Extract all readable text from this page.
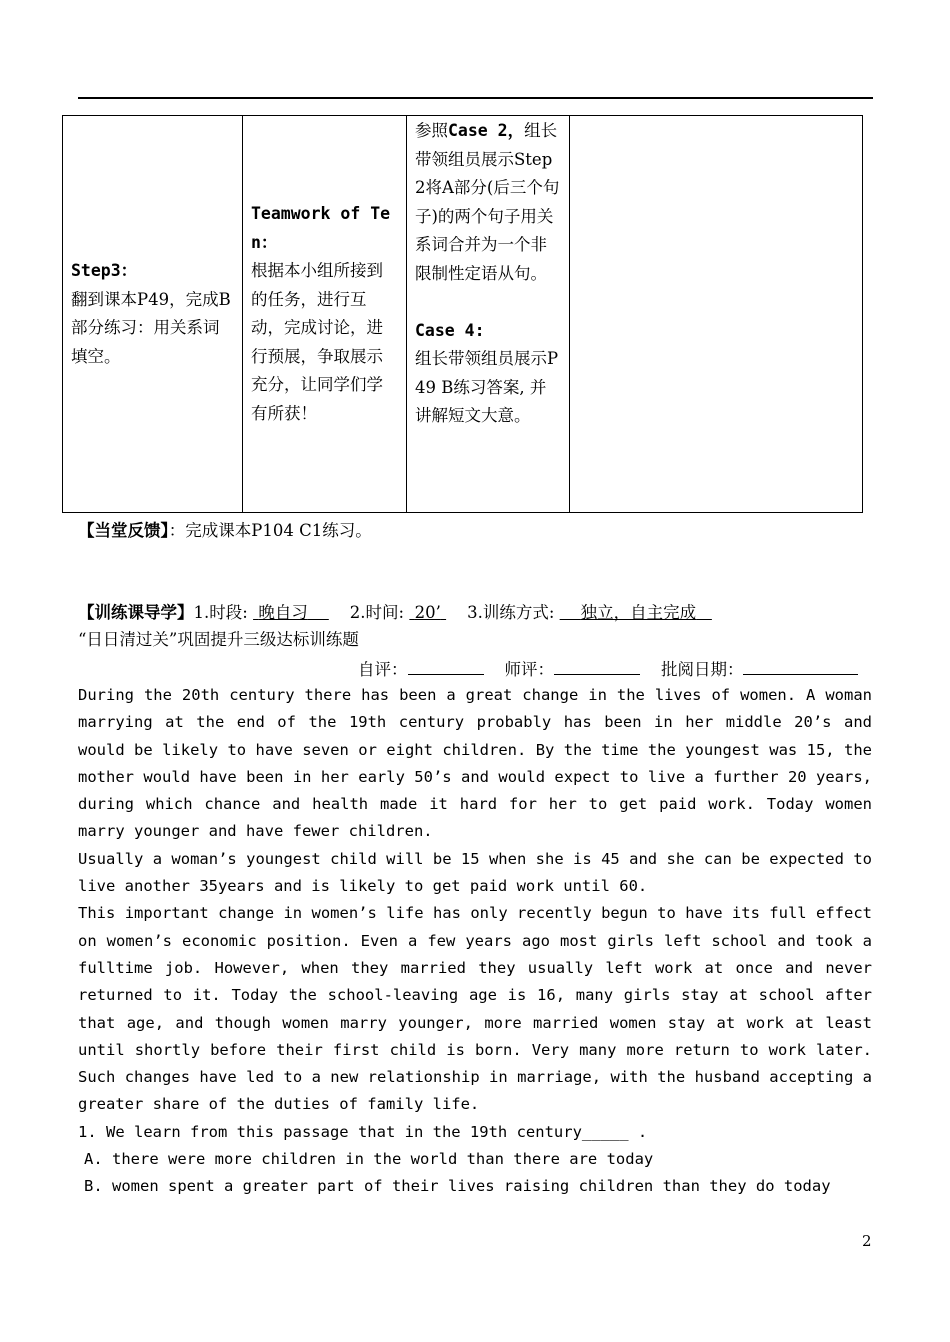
Step3：
翻到课本P49，完成B部分练习：用关系词填空。

Teamwork of Ten：
根据本小组所接到的任务，进行互动，完成讨论，进行预展，争取展示充分，让同学们学有所获！

参照Case 2，组长带领组员展示Step2将A部分(后三个句子)的两个句子用关系词合并为一个非限制性定语从句。
Case 4:
组长带领组员展示P49 B练习答案, 并讲解短文大意。

【当堂反馈】：完成课本P104 C1练习。
【训练课导学】1.时段: 晚自习	2.时间: 20’ 3.训练方式: 独立，自主完成
“日日清过关”巩固提升三级达标训练题
自评：	师评：	批阅日期：

During the 20th century there has been a great change in the lives of women. A woman marrying at the end of the 19th century probably has been in her middle 20’s and would be likely to have seven or eight children. By the time the youngest was 15, the mother would have been in her early 50’s and would expect to live a further 20 years, during which chance and health made it hard for her to get paid work. Today women marry younger and have fewer children.

Usually a woman’s youngest child will be 15 when she is 45 and she can be expected to live another 35years and is likely to get paid work until 60.

This important change in women’s life has only recently begun to have its full effect on women’s economic position. Even a few years ago most girls left school and took a fulltime job. However, when they married they usually left work at once and never returned to it. Today the school-leaving age is 16, many girls stay at school after that age, and though women marry younger, more married women stay at work at least until shortly before their first child is born. Very many more return to work later. Such changes have led to a new relationship in marriage, with the husband accepting a greater share of the duties of family life.

1. We learn from this passage that in the 19th century_____ .

A. there were more children in the world than there are today

B. women spent a greater part of their lives raising children than they do today

2
